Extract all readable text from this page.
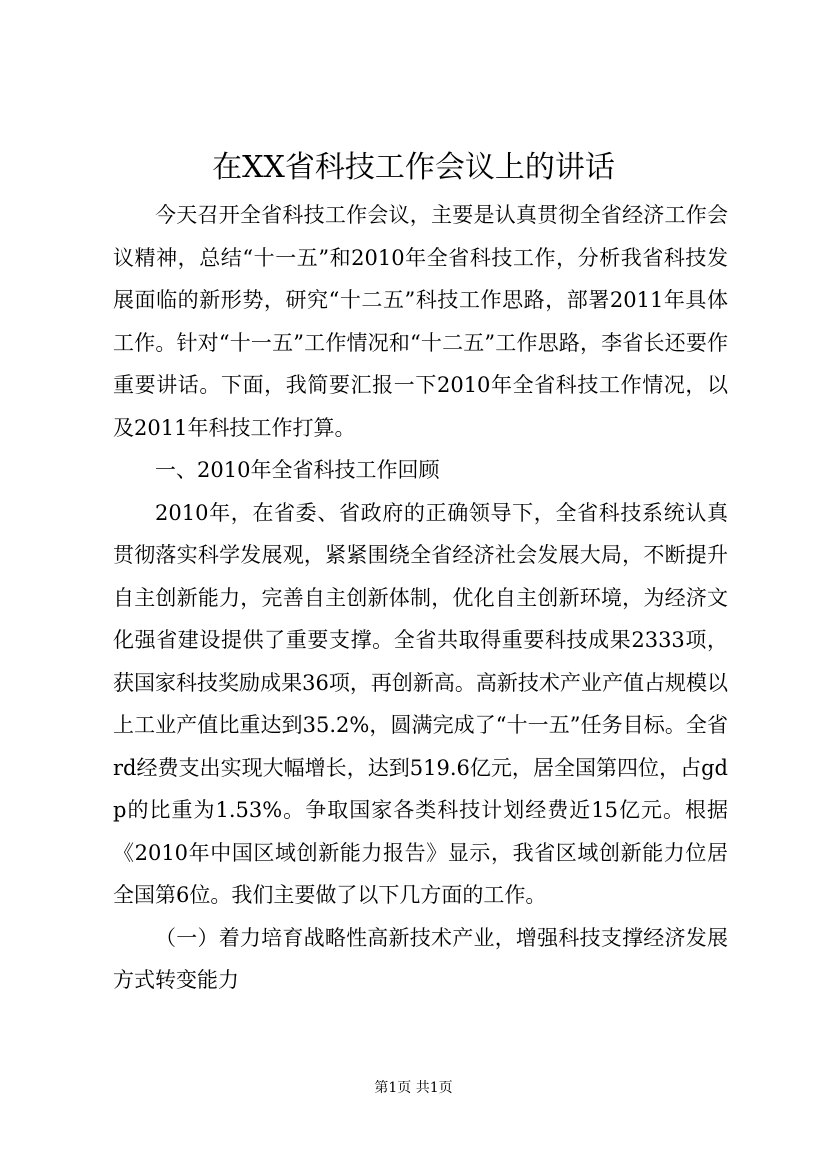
在XX省科技工作会议上的讲话

今天召开全省科技工作会议，主要是认真贯彻全省经济工作会议精神，总结“十一五”和2010年全省科技工作，分析我省科技发展面临的新形势，研究“十二五”科技工作思路，部署2011年具体工作。针对“十一五”工作情况和“十二五”工作思路，李省长还要作重要讲话。下面，我简要汇报一下2010年全省科技工作情况，以及2011年科技工作打算。

一、2010年全省科技工作回顾

2010年，在省委、省政府的正确领导下，全省科技系统认真贯彻落实科学发展观，紧紧围绕全省经济社会发展大局，不断提升自主创新能力，完善自主创新体制，优化自主创新环境，为经济文化强省建设提供了重要支撑。全省共取得重要科技成果2333项，获国家科技奖励成果36项，再创新高。高新技术产业产值占规模以上工业产值比重达到35.2%，圆满完成了“十一五”任务目标。全省rd经费支出实现大幅增长，达到519.6亿元，居全国第四位，占gdp的比重为1.53%。争取国家各类科技计划经费近15亿元。根据《2010年中国区域创新能力报告》显示，我省区域创新能力位居全国第6位。我们主要做了以下几方面的工作。

（一）着力培育战略性高新技术产业，增强科技支撑经济发展方式转变能力

第1页 共1页
